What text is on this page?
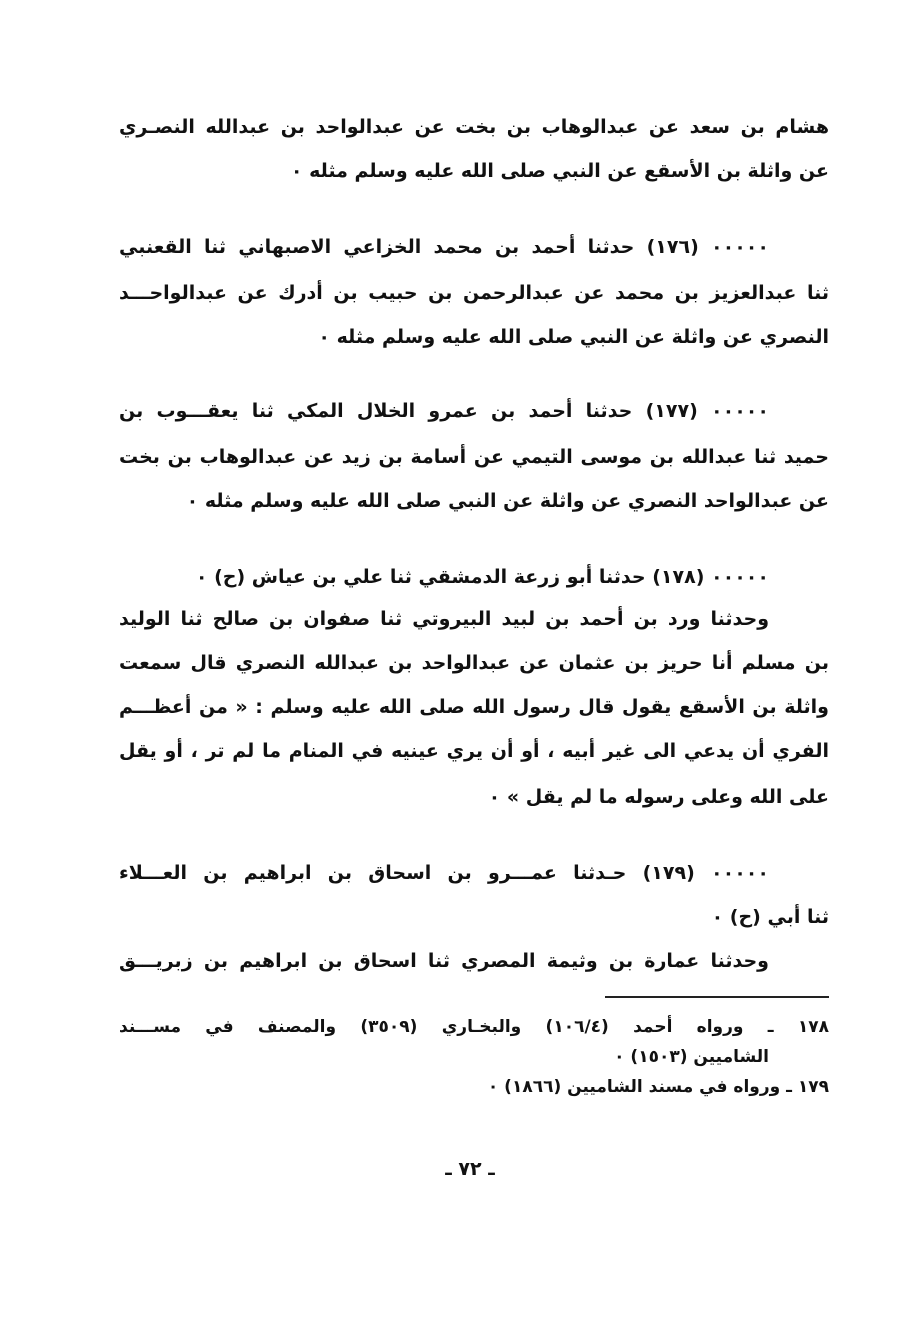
هشام بن سعد عن عبدالوهاب بن بخت عن عبدالواحد بن عبدالله النصـري
عن واثلة بن الأسقع عن النبي صلى الله عليه وسلم مثله ٠
٠٠٠٠٠ (١٧٦) حدثنا أحمد بن محمد الخزاعي الاصبهاني ثنا القعنبي
ثنا عبدالعزيز بن محمد عن عبدالرحمن بن حبيب بن أدرك عن عبدالواحـــد
النصري عن واثلة عن النبي صلى الله عليه وسلم مثله ٠
٠٠٠٠٠ (١٧٧) حدثنا أحمد بن عمرو الخلال المكي ثنا يعقـــوب بن
حميد ثنا عبدالله بن موسى التيمي عن أسامة بن زيد عن عبدالوهاب بن بخت
عن عبدالواحد النصري عن واثلة عن النبي صلى الله عليه وسلم مثله ٠
٠٠٠٠٠ (١٧٨) حدثنا أبو زرعة الدمشقي ثنا علي بن عياش (ح) ٠
وحدثنا ورد بن أحمد بن لبيد البيروتي ثنا صفوان بن صالح ثنا الوليد
بن مسلم أنا حريز بن عثمان عن عبدالواحد بن عبدالله النصري قال سمعت
واثلة بن الأسقع يقول قال رسول الله صلى الله عليه وسلم : « من أعظـــم
الفري أن يدعي الى غير أبيه ، أو أن يري عينيه في المنام ما لم تر ، أو يقل
على الله وعلى رسوله ما لم يقل » ٠
٠٠٠٠٠ (١٧٩) حـدثنا عمـــرو بن اسحاق بن ابراهيم بن العـــلاء
ثنا أبي (ح) ٠
وحدثنا عمارة بن وثيمة المصري ثنا اسحاق بن ابراهيم بن زبريـــق
١٧٨ ـ ورواه أحمد (١٠٦/٤) والبخـاري (٣٥٠٩) والمصنف في مســـند
الشاميين (١٥٠٣) ٠
١٧٩ ـ ورواه في مسند الشاميين (١٨٦٦) ٠
ـ ٧٢ ـ
